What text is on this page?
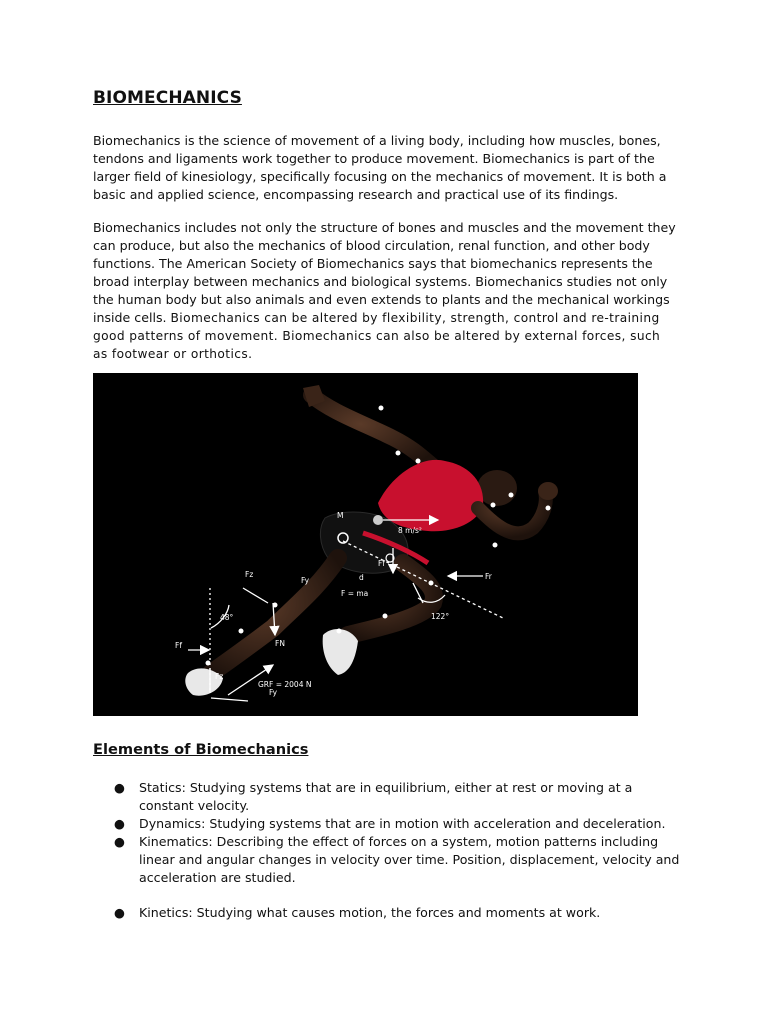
BIOMECHANICS

Biomechanics is the science of movement of a living body, including how muscles, bones, tendons and ligaments work together to produce movement. Biomechanics is part of the larger field of kinesiology, specifically focusing on the mechanics of movement. It is both a basic and applied science, encompassing research and practical use of its findings.

Biomechanics includes not only the structure of bones and muscles and the movement they can produce, but also the mechanics of blood circulation, renal function, and other body functions. The American Society of Biomechanics says that biomechanics represents the broad interplay between mechanics and biological systems. Biomechanics studies not only the human body but also animals and even extends to plants and the mechanical workings inside cells. Biomechanics can be altered by flexibility, strength, control and re-training good patterns of movement. Biomechanics can also be altered by external forces, such as footwear or orthotics.

8 m/s²
F = ma
GRF = 2004 N
122°
48°
Fz
Fz
Fy
Fy
FN
Ff
Fr
Ff
d
M
Elements of Biomechanics
● Statics: Studying systems that are in equilibrium, either at rest or moving at a constant velocity.
● Dynamics: Studying systems that are in motion with acceleration and deceleration.
● Kinematics: Describing the effect of forces on a system, motion patterns including linear and angular changes in velocity over time. Position, displacement, velocity and acceleration are studied.
● Kinetics: Studying what causes motion, the forces and moments at work.
